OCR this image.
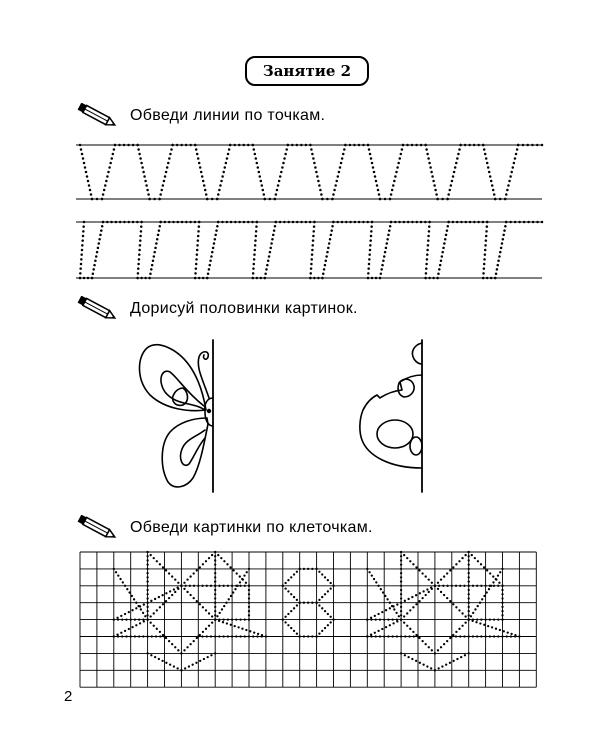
Занятие 2
Обведи линии по точкам.
Дорисуй половинки картинок.
Обведи картинки по клеточкам.
2
